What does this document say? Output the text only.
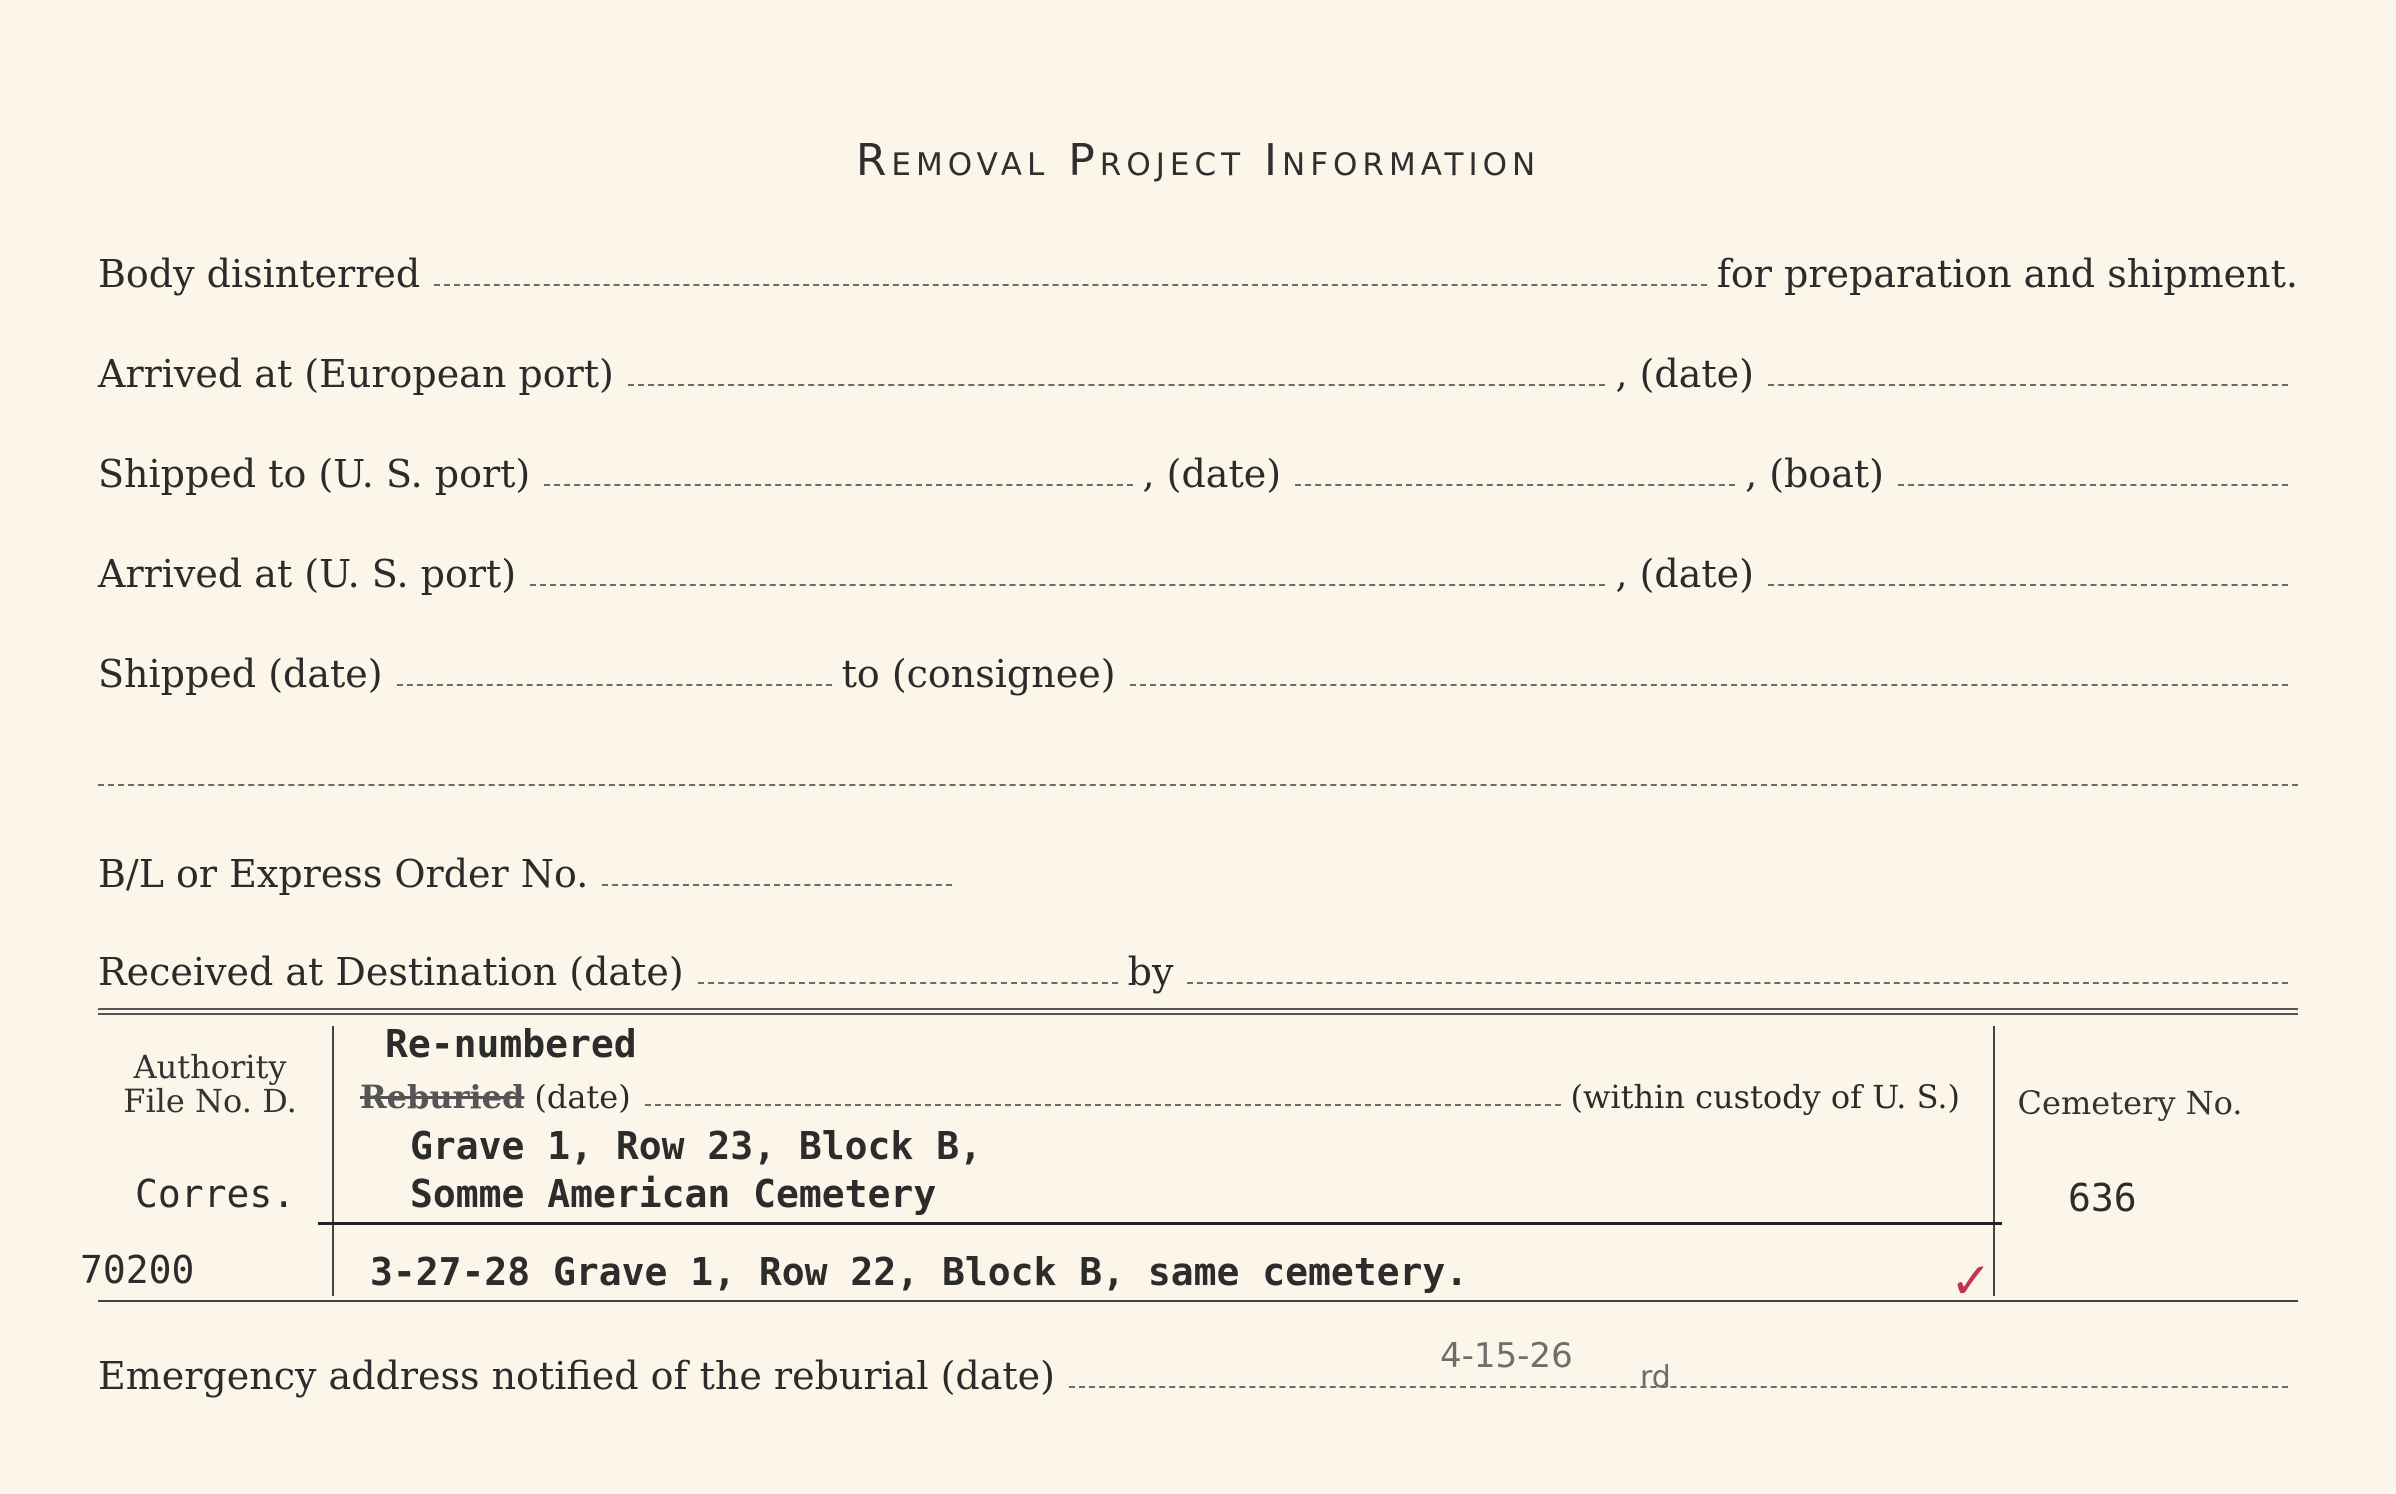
Removal Project Information
Body disinterred	for preparation and shipment.
Arrived at (European port)	, (date)
Shipped to (U. S. port)	, (date)	, (boat)
Arrived at (U. S. port)	, (date)
Shipped (date)	to (consignee)
B/L or Express Order No.
Received at Destination (date)	by
Authority
File No. D.
Corres.
70200
Re-numbered
Reburied (date)	(within custody of U. S.)
Grave 1, Row 23, Block B,
Somme American Cemetery
3-27-28 Grave 1, Row 22, Block B, same cemetery.
Cemetery No.
636
✓
Emergency address notified of the reburial (date)	4-15-26
rd
